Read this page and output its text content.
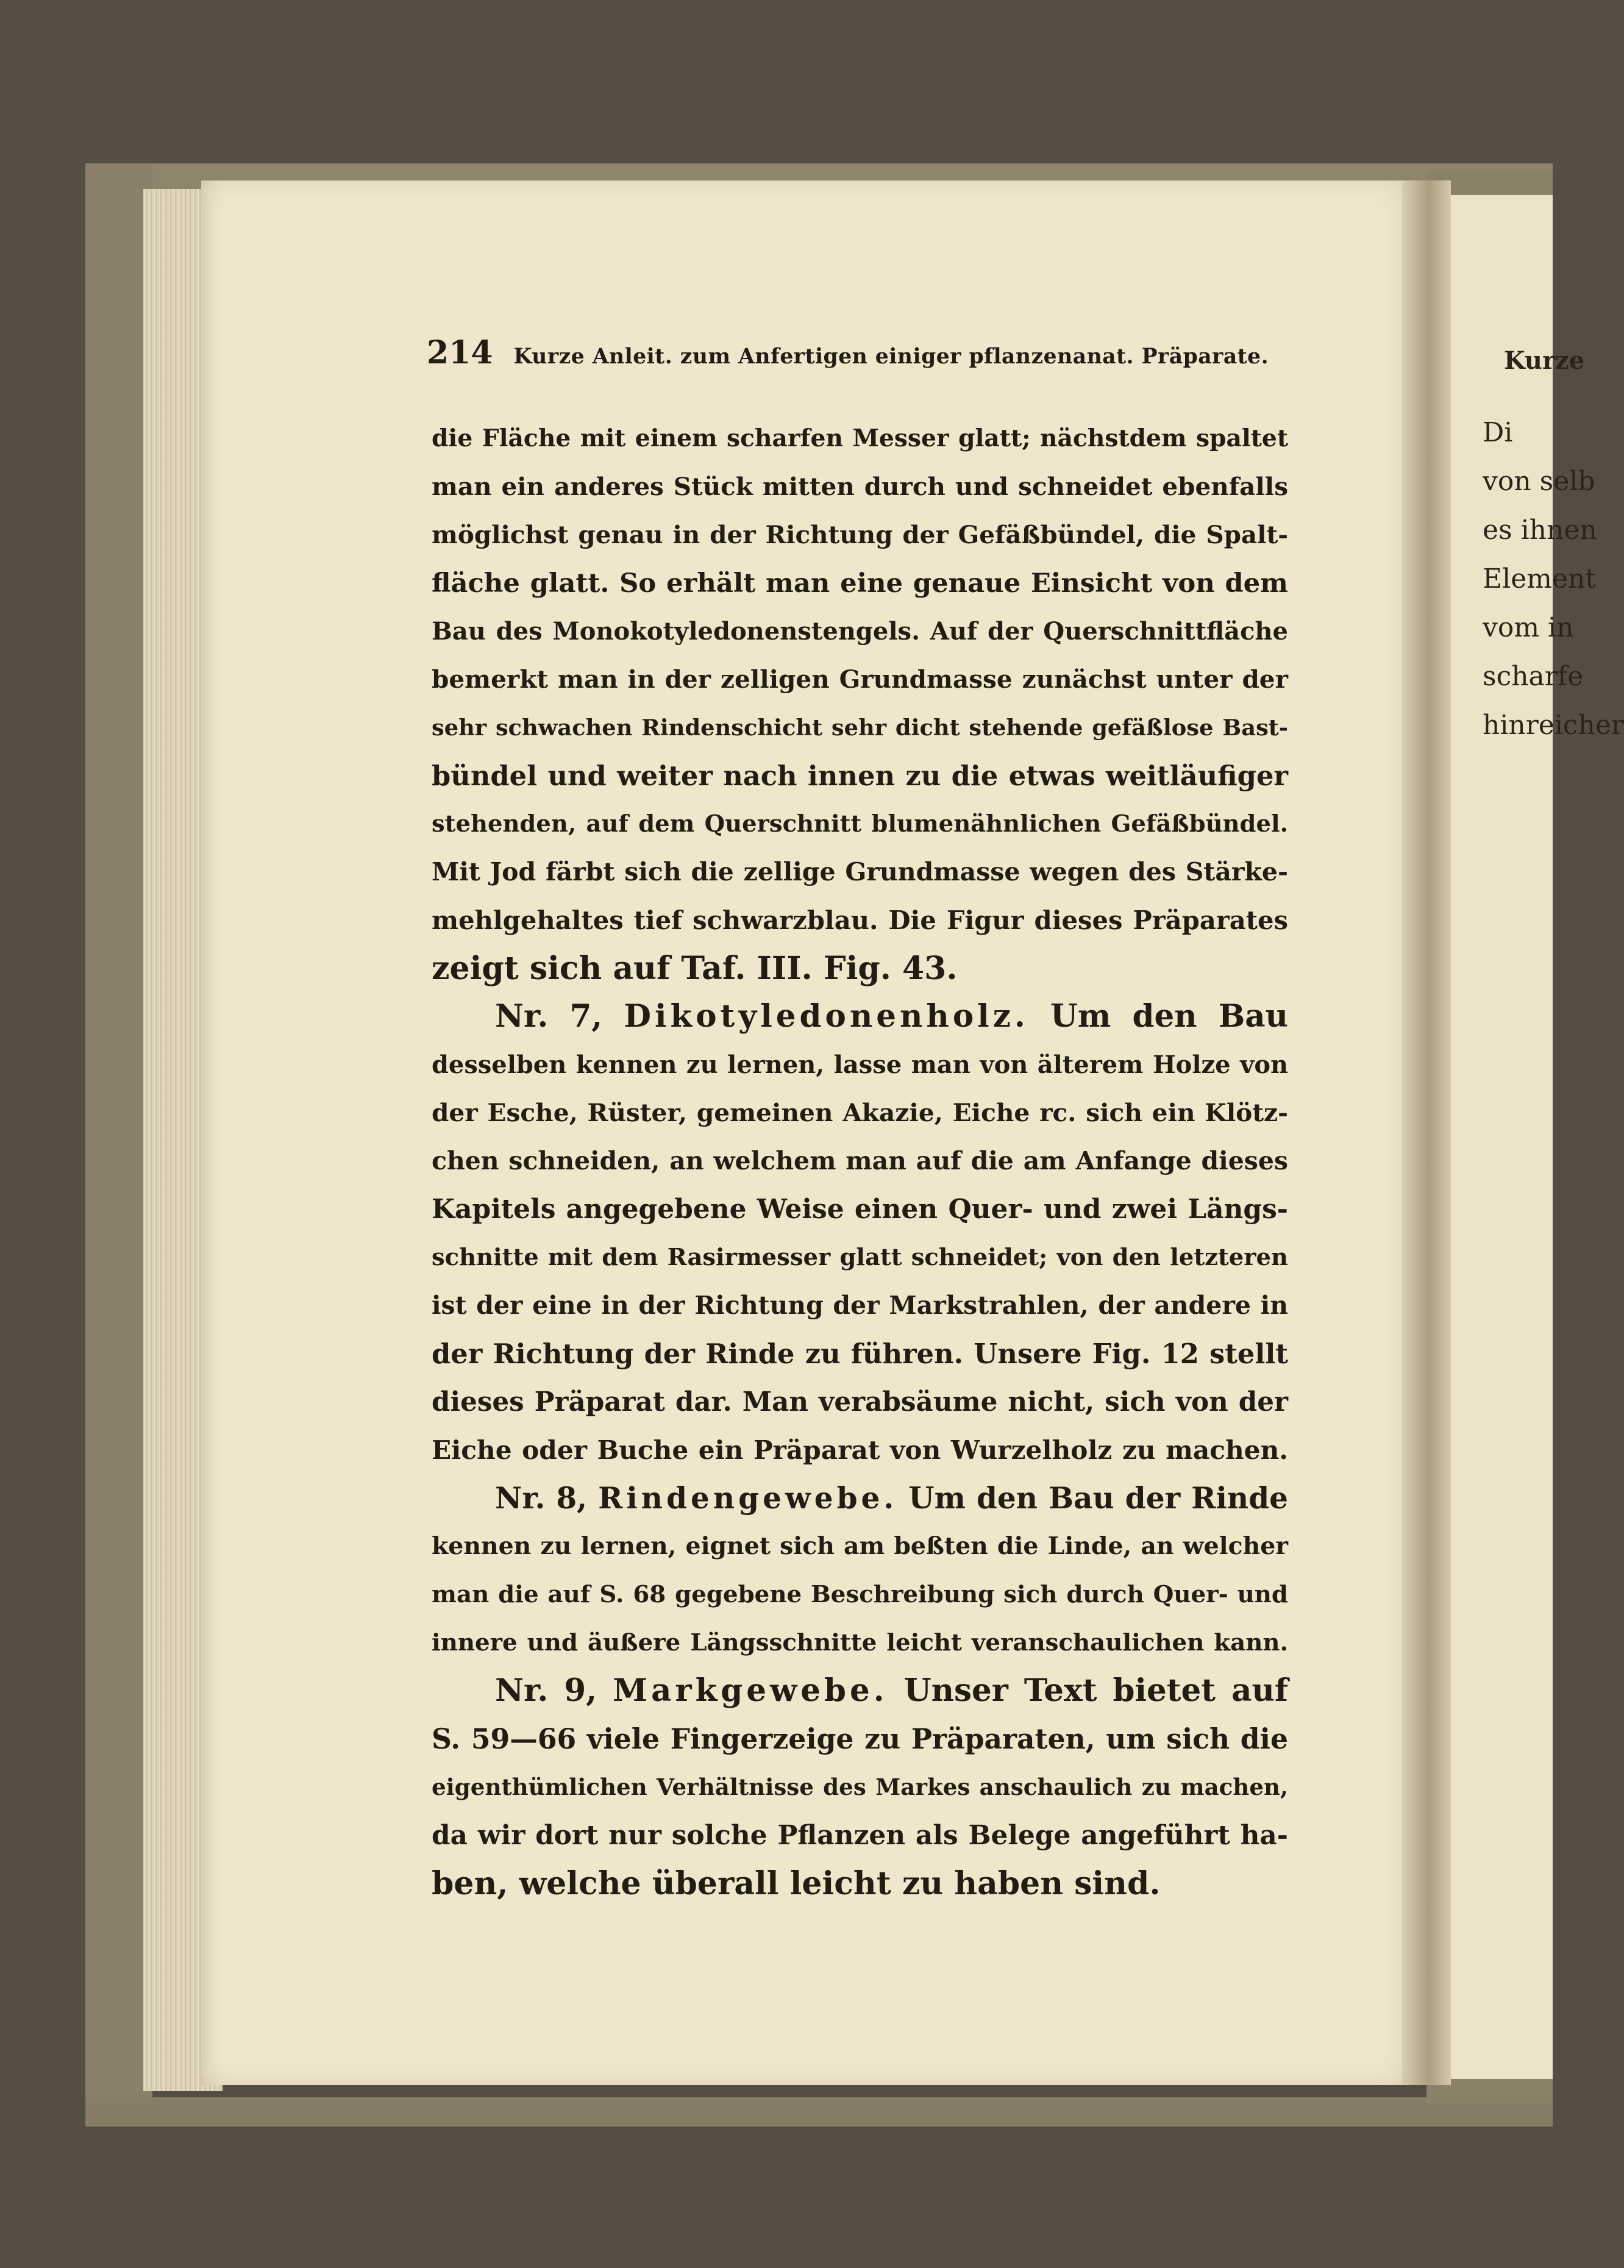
Kurze
Di
von selb
es ihnen
Element
vom in
scharfe
hinreicher
214 Kurze Anleit. zum Anfertigen einiger pflanzenanat. Präparate.
die Fläche mit einem scharfen Messer glatt; nächstdem spaltet
man ein anderes Stück mitten durch und schneidet ebenfalls
möglichst genau in der Richtung der Gefäßbündel, die Spalt-
fläche glatt. So erhält man eine genaue Einsicht von dem
Bau des Monokotyledonenstengels. Auf der Querschnittfläche
bemerkt man in der zelligen Grundmasse zunächst unter der
sehr schwachen Rindenschicht sehr dicht stehende gefäßlose Bast-
bündel und weiter nach innen zu die etwas weitläufiger
stehenden, auf dem Querschnitt blumenähnlichen Gefäßbündel.
Mit Jod färbt sich die zellige Grundmasse wegen des Stärke-
mehlgehaltes tief schwarzblau. Die Figur dieses Präparates
zeigt sich auf Taf. III. Fig. 43.
Nr. 7, Dikotyledonenholz. Um den Bau
desselben kennen zu lernen, lasse man von älterem Holze von
der Esche, Rüster, gemeinen Akazie, Eiche rc. sich ein Klötz-
chen schneiden, an welchem man auf die am Anfange dieses
Kapitels angegebene Weise einen Quer- und zwei Längs-
schnitte mit dem Rasirmesser glatt schneidet; von den letzteren
ist der eine in der Richtung der Markstrahlen, der andere in
der Richtung der Rinde zu führen. Unsere Fig. 12 stellt
dieses Präparat dar. Man verabsäume nicht, sich von der
Eiche oder Buche ein Präparat von Wurzelholz zu machen.
Nr. 8, Rindengewebe. Um den Bau der Rinde
kennen zu lernen, eignet sich am beßten die Linde, an welcher
man die auf S. 68 gegebene Beschreibung sich durch Quer- und
innere und äußere Längsschnitte leicht veranschaulichen kann.
Nr. 9, Markgewebe. Unser Text bietet auf
S. 59—66 viele Fingerzeige zu Präparaten, um sich die
eigenthümlichen Verhältnisse des Markes anschaulich zu machen,
da wir dort nur solche Pflanzen als Belege angeführt ha-
ben, welche überall leicht zu haben sind.
